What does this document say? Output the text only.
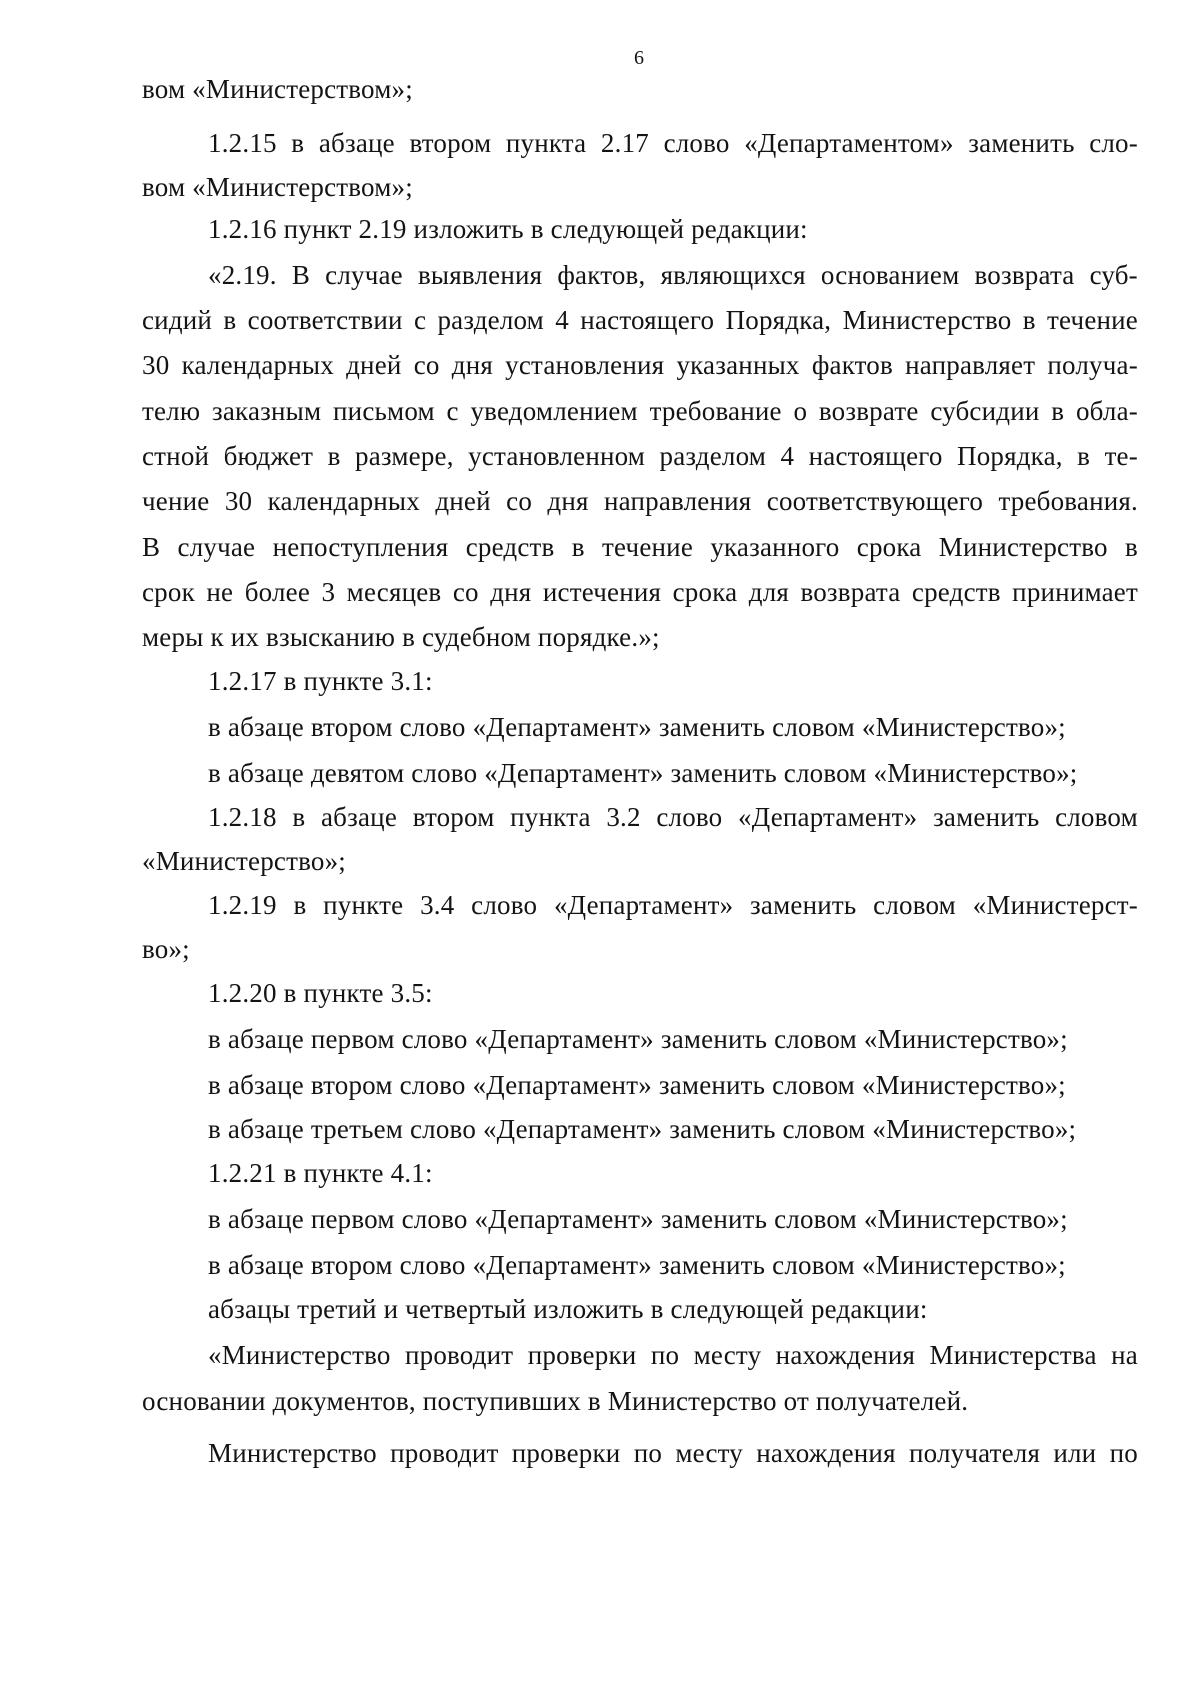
6
вом «Министерством»;
1.2.15 в абзаце втором пункта 2.17 слово «Департаментом» заменить сло-
вом «Министерством»;
1.2.16 пункт 2.19 изложить в следующей редакции:
«2.19. В случае выявления фактов, являющихся основанием возврата суб-
сидий в соответствии с разделом 4 настоящего Порядка, Министерство в течение
30 календарных дней со дня установления указанных фактов направляет получа-
телю заказным письмом с уведомлением требование о возврате субсидии в обла-
стной бюджет в размере, установленном разделом 4 настоящего Порядка, в те-
чение 30 календарных дней со дня направления соответствующего требования.
В случае непоступления средств в течение указанного срока Министерство в
срок не более 3 месяцев со дня истечения срока для возврата средств принимает
меры к их взысканию в судебном порядке.»;
1.2.17 в пункте 3.1:
в абзаце втором слово «Департамент» заменить словом «Министерство»;
в абзаце девятом слово «Департамент» заменить словом «Министерство»;
1.2.18 в абзаце втором пункта 3.2 слово «Департамент» заменить словом
«Министерство»;
1.2.19 в пункте 3.4 слово «Департамент» заменить словом «Министерст-
во»;
1.2.20 в пункте 3.5:
в абзаце первом слово «Департамент» заменить словом «Министерство»;
в абзаце втором слово «Департамент» заменить словом «Министерство»;
в абзаце третьем слово «Департамент» заменить словом «Министерство»;
1.2.21 в пункте 4.1:
в абзаце первом слово «Департамент» заменить словом «Министерство»;
в абзаце втором слово «Департамент» заменить словом «Министерство»;
абзацы третий и четвертый изложить в следующей редакции:
«Министерство проводит проверки по месту нахождения Министерства на
основании документов, поступивших в Министерство от получателей.
Министерство проводит проверки по месту нахождения получателя или по
